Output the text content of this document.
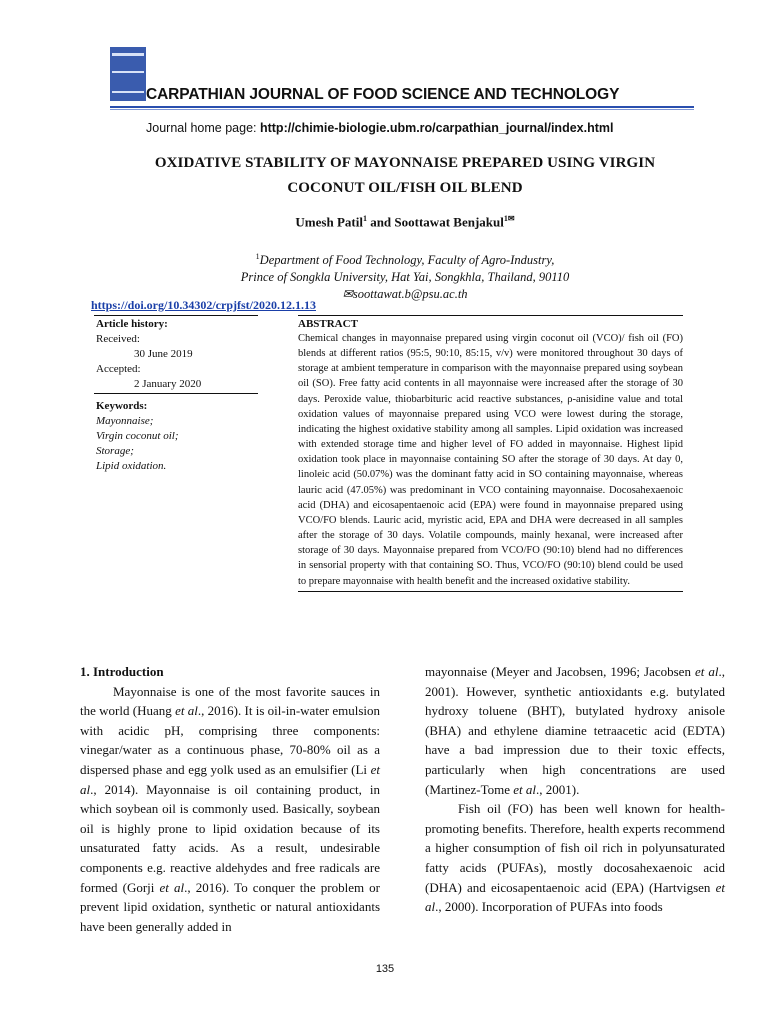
CARPATHIAN JOURNAL OF FOOD SCIENCE AND TECHNOLOGY
Journal home page: http://chimie-biologie.ubm.ro/carpathian_journal/index.html
OXIDATIVE STABILITY OF MAYONNAISE PREPARED USING VIRGIN
COCONUT OIL/FISH OIL BLEND
Umesh Patil$^1$ and Soottawat Benjakul$^{1✉}$
$^1$Department of Food Technology, Faculty of Agro-Industry,
Prince of Songkla University, Hat Yai, Songkhla, Thailand, 90110
✉soottawat.b@psu.ac.th
https://doi.org/10.34302/crpjfst/2020.12.1.13
Article history:
Received:
30 June 2019
Accepted:
2 January 2020
Keywords:
Mayonnaise;
Virgin coconut oil;
Storage;
Lipid oxidation.
ABSTRACT

Chemical changes in mayonnaise prepared using virgin coconut oil (VCO)/ fish oil (FO) blends at different ratios (95:5, 90:10, 85:15, v/v) were monitored throughout 30 days of storage at ambient temperature in comparison with the mayonnaise prepared using soybean oil (SO). Free fatty acid contents in all mayonnaise were increased after the storage of 30 days. Peroxide value, thiobarbituric acid reactive substances, ρ-anisidine value and total oxidation values of mayonnaise prepared using VCO were lowest during the storage, indicating the highest oxidative stability among all samples. Lipid oxidation was increased with extended storage time and higher level of FO added in mayonnaise. Highest lipid oxidation took place in mayonnaise containing SO after the storage of 30 days. At day 0, linoleic acid (50.07%) was the dominant fatty acid in SO containing mayonnaise, whereas lauric acid (47.05%) was predominant in VCO containing mayonnaise. Docosahexaenoic acid (DHA) and eicosapentaenoic acid (EPA) were found in mayonnaise prepared using VCO/FO blends. Lauric acid, myristic acid, EPA and DHA were decreased in all samples after the storage of 30 days. Volatile compounds, mainly hexanal, were increased after storage of 30 days. Mayonnaise prepared from VCO/FO (90:10) blend had no differences in sensorial property with that containing SO. Thus, VCO/FO (90:10) blend could be used to prepare mayonnaise with health benefit and the increased oxidative stability.

1. Introduction

Mayonnaise is one of the most favorite sauces in the world (Huang et al., 2016). It is oil-in-water emulsion with acidic pH, comprising three components: vinegar/water as a continuous phase, 70-80% oil as a dispersed phase and egg yolk used as an emulsifier (Li et al., 2014). Mayonnaise is oil containing product, in which soybean oil is commonly used. Basically, soybean oil is highly prone to lipid oxidation because of its unsaturated fatty acids. As a result, undesirable components e.g. reactive aldehydes and free radicals are formed (Gorji et al., 2016). To conquer the problem or prevent lipid oxidation, synthetic or natural antioxidants have been generally added in

mayonnaise (Meyer and Jacobsen, 1996; Jacobsen et al., 2001). However, synthetic antioxidants e.g. butylated hydroxy toluene (BHT), butylated hydroxy anisole (BHA) and ethylene diamine tetraacetic acid (EDTA) have a bad impression due to their toxic effects, particularly when high concentrations are used (Martinez-Tome et al., 2001).

Fish oil (FO) has been well known for health-promoting benefits. Therefore, health experts recommend a higher consumption of fish oil rich in polyunsaturated fatty acids (PUFAs), mostly docosahexaenoic acid (DHA) and eicosapentaenoic acid (EPA) (Hartvigsen et al., 2000). Incorporation of PUFAs into foods

135
